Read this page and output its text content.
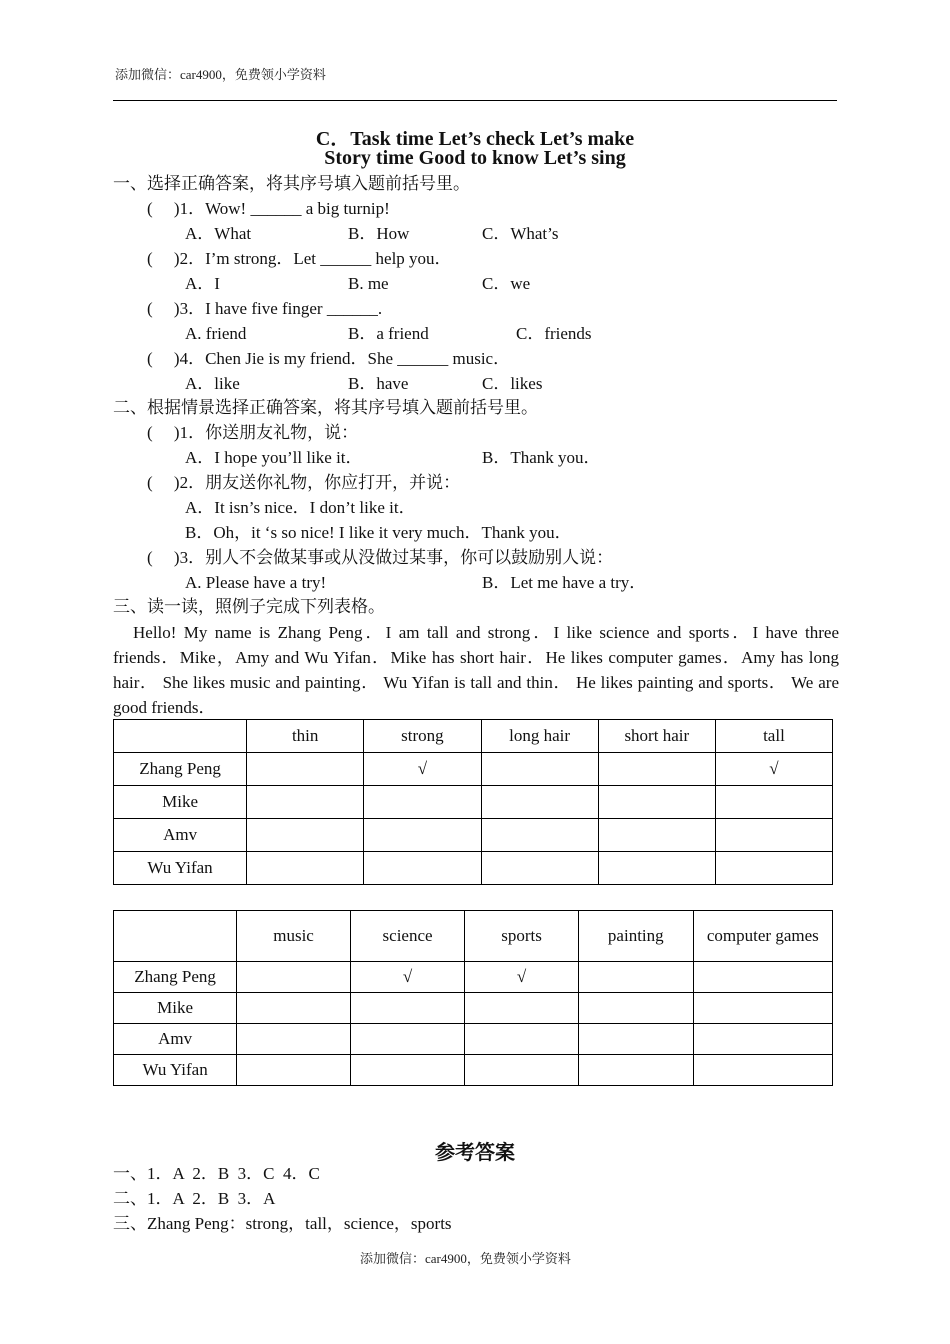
添加微信：car4900，免费领小学资料
C．Task time Let’s check Let’s make
Story time Good to know Let’s sing
一、选择正确答案，将其序号填入题前括号里。
(     )1．Wow! ______ a big turnip!
A．What	B．How	C．What’s
(     )2．I’m strong．Let ______ help you．
A．I	B. me	C．we
(     )3．I have five finger ______.
A. friend	B．a friend	C．friends
(     )4．Chen Jie is my friend．She ______ music．
A．like	B．have	C．likes
二、根据情景选择正确答案，将其序号填入题前括号里。
(     )1．你送朋友礼物，说：
A．I hope you’ll like it．	B．Thank you．
(     )2．朋友送你礼物，你应打开，并说：
A．It isn’s nice．I don’t like it．
B．Oh，it ‘s so nice! I like it very much．Thank you．
(     )3．别人不会做某事或从没做过某事，你可以鼓励别人说：
A. Please have a try!	B．Let me have a try．
三、读一读，照例子完成下列表格。
Hello! My name is Zhang Peng．I am tall and strong．I like science and sports．I have three friends．Mike，Amy and Wu Yifan．Mike has short hair．He likes computer games．Amy has long hair． She likes music and painting． Wu Yifan is tall and thin． He likes painting and sports． We are good friends．
	thin	strong	long hair	short hair	tall
Zhang Peng		√			√
Mike					
Amv					
Wu Yifan					
	music	science	sports	painting	computer games
Zhang Peng		√	√		
Mike					
Amv					
Wu Yifan					
参考答案
一、1．A  2．B  3．C  4．C
二、1．A  2．B  3．A
三、Zhang Peng：strong，tall，science，sports
添加微信：car4900，免费领小学资料
